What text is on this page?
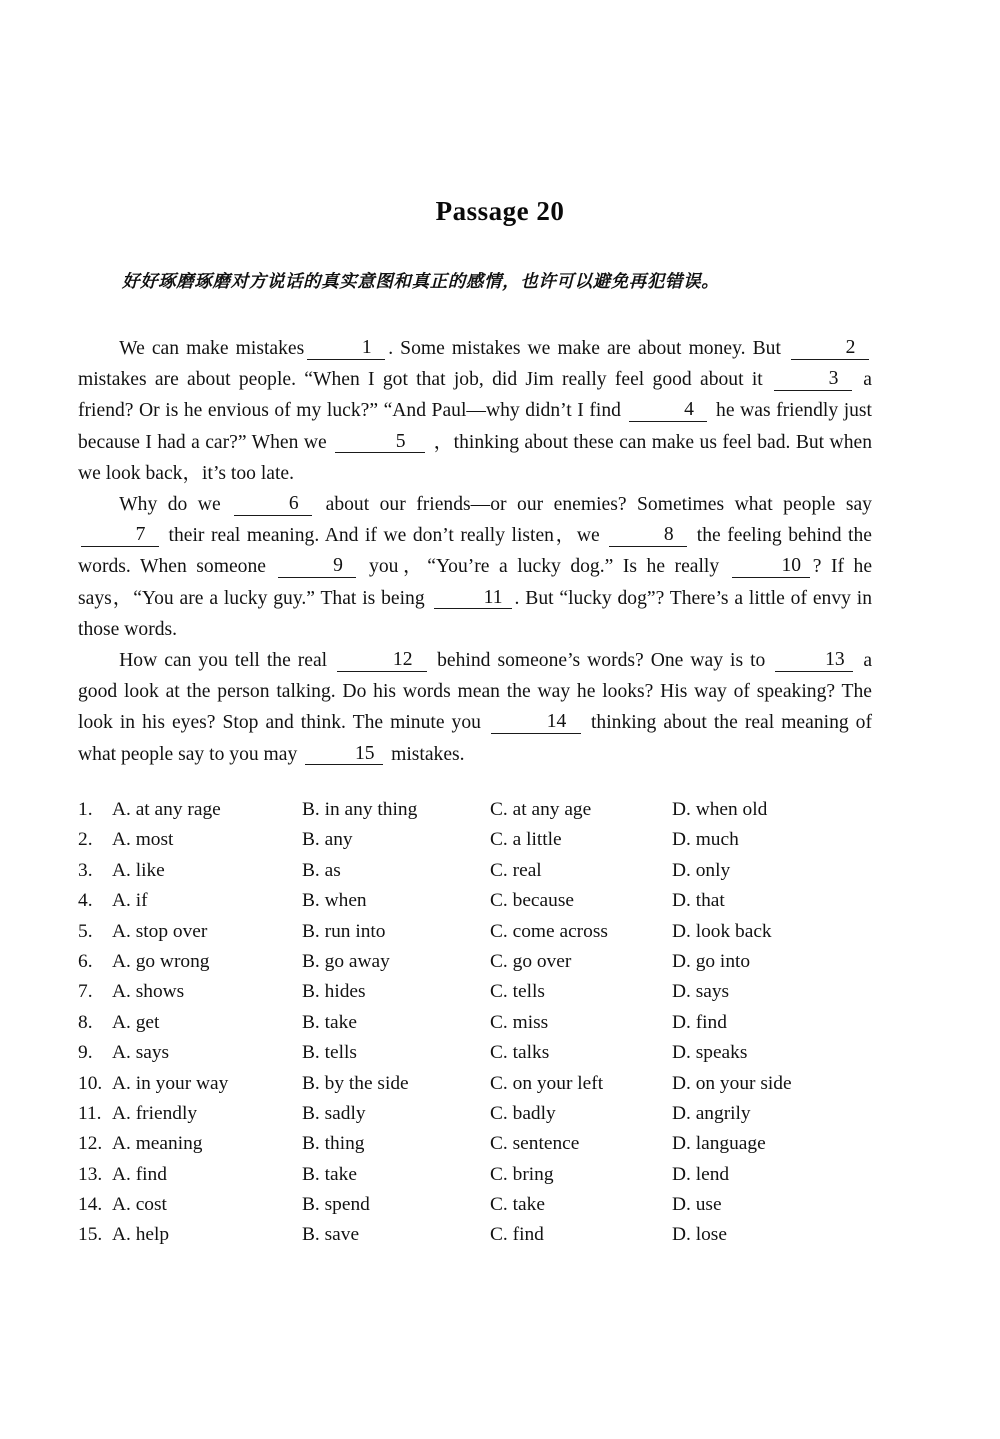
Passage 20
好好琢磨琢磨对方说话的真实意图和真正的感情，也许可以避免再犯错误。

We can make mistakes	1 . Some mistakes we make are about money. But	2 mistakes are about people. “When I got that job, did Jim really feel good about it	3 a friend? Or is he envious of my luck?” “And Paul—why didn’t I find	4 he was friendly just because I had a car?” When we	5 ，thinking about these can make us feel bad. But when we look back，it’s too late.

Why do we	6 about our friends—or our enemies? Sometimes what people say 7 their real meaning. And if we don’t really listen，we	8 the feeling behind the words. When someone	9 you，“You’re a lucky dog.” Is he really	10 ? If he says，“You are a lucky guy.” That is being	11 . But “lucky dog”? There’s a little of envy in those words.

How can you tell the real	12 behind someone’s words? One way is to	13 a good look at the person talking. Do his words mean the way he looks? His way of speaking? The look in his eyes? Stop and think. The minute you	14 thinking about the real meaning of what people say to you may	15 mistakes.

1.	A. at any rage	B. in any thing	C. at any age	D. when old
2.	A. most	B. any	C. a little	D. much
3.	A. like	B. as	C. real	D. only
4.	A. if	B. when	C. because	D. that
5.	A. stop over	B. run into	C. come across	D. look back
6.	A. go wrong	B. go away	C. go over	D. go into
7.	A. shows	B. hides	C. tells	D. says
8.	A. get	B. take	C. miss	D. find
9.	A. says	B. tells	C. talks	D. speaks
10. A. in your way	B. by the side	C. on your left	D. on your side
11. A. friendly	B. sadly	C. badly	D. angrily
12. A. meaning	B. thing	C. sentence	D. language
13. A. find	B. take	C. bring	D. lend
14. A. cost	B. spend	C. take	D. use
15. A. help	B. save	C. find	D. lose
